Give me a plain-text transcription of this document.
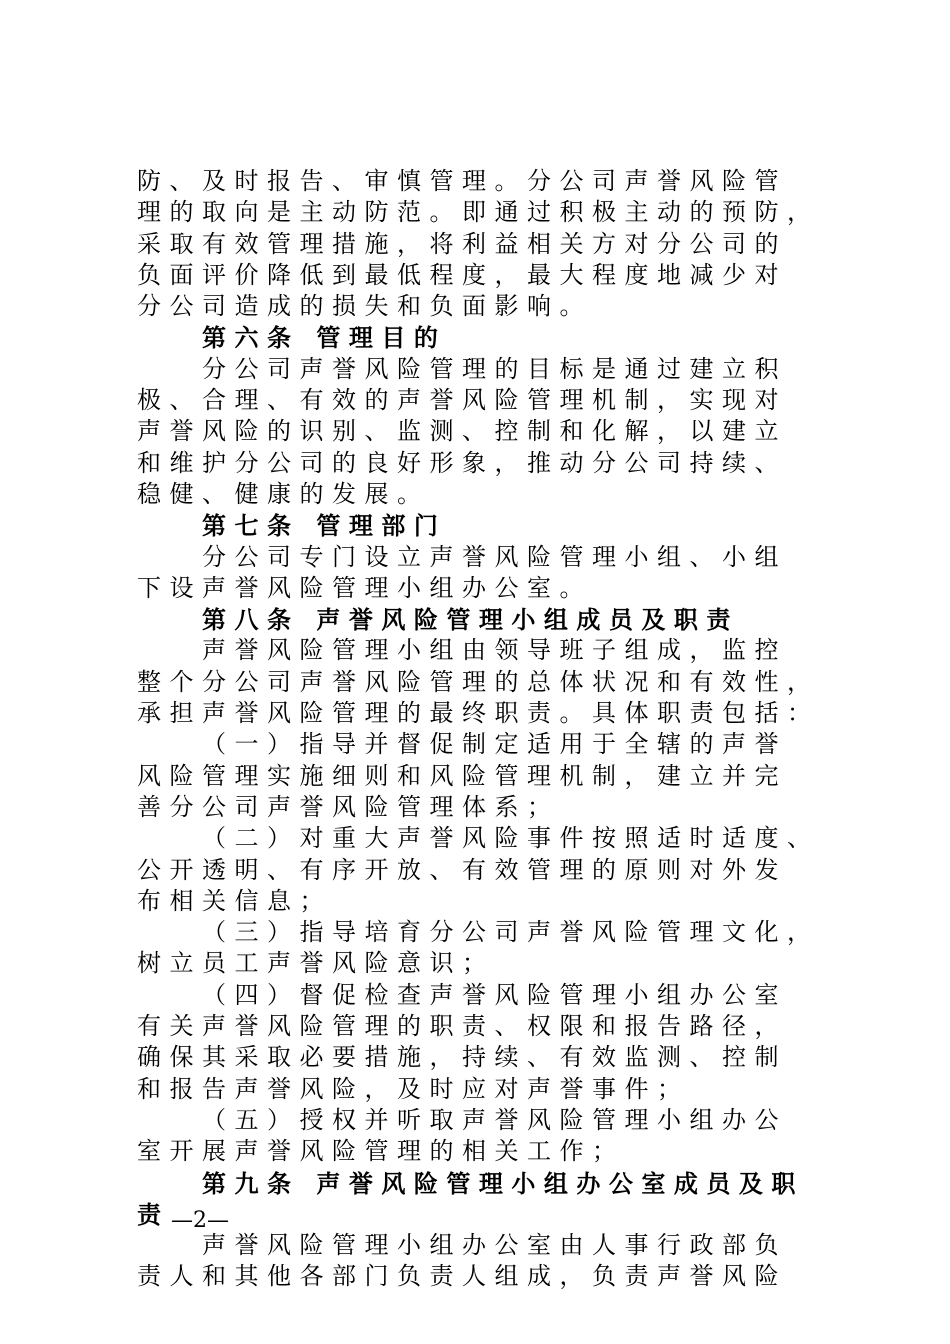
防、及时报告、审慎管理。分公司声誉风险管
理的取向是主动防范。即通过积极主动的预防，
采取有效管理措施，将利益相关方对分公司的
负面评价降低到最低程度，最大程度地减少对
分公司造成的损失和负面影响。
第六条 管理目的
分公司声誉风险管理的目标是通过建立积
极、合理、有效的声誉风险管理机制，实现对
声誉风险的识别、监测、控制和化解，以建立
和维护分公司的良好形象，推动分公司持续、
稳健、健康的发展。
第七条 管理部门
分公司专门设立声誉风险管理小组、小组
下设声誉风险管理小组办公室。
第八条 声誉风险管理小组成员及职责
声誉风险管理小组由领导班子组成，监控
整个分公司声誉风险管理的总体状况和有效性，
承担声誉风险管理的最终职责。具体职责包括：
（一）指导并督促制定适用于全辖的声誉
风险管理实施细则和风险管理机制，建立并完
善分公司声誉风险管理体系；
（二）对重大声誉风险事件按照适时适度、
公开透明、有序开放、有效管理的原则对外发
布相关信息；
（三）指导培育分公司声誉风险管理文化，
树立员工声誉风险意识；
（四）督促检查声誉风险管理小组办公室
有关声誉风险管理的职责、权限和报告路径，
确保其采取必要措施，持续、有效监测、控制
和报告声誉风险，及时应对声誉事件；
（五）授权并听取声誉风险管理小组办公
室开展声誉风险管理的相关工作；
第九条 声誉风险管理小组办公室成员及职
责
声誉风险管理小组办公室由人事行政部负
责人和其他各部门负责人组成，负责声誉风险
—2—
